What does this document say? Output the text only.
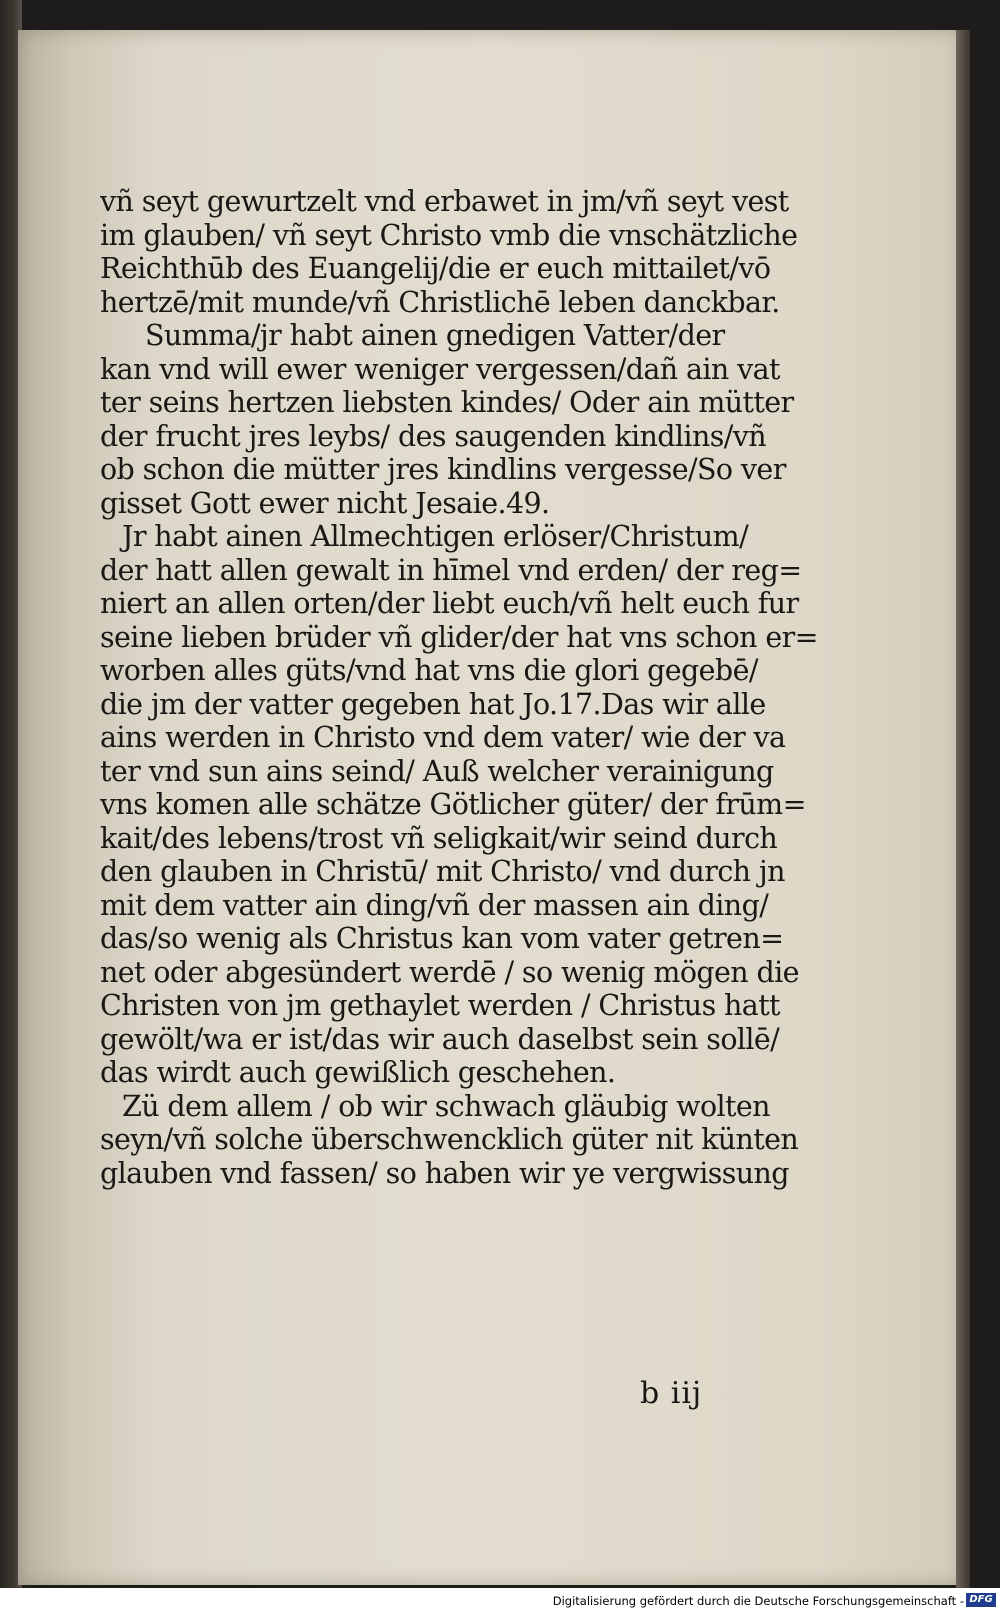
vñ seyt gewurtzelt vnd erbawet in jm/vñ seyt vest
im glauben/ vñ seyt Christo vmb die vnschätzliche
Reichthūb des Euangelij/die er euch mittailet/vō
hertzē/mit munde/vñ Christlichē leben danckbar.
Summa/jr habt ainen gnedigen Vatter/der
kan vnd will ewer weniger vergessen/dañ ain vat
ter seins hertzen liebsten kindes/ Oder ain mütter
der frucht jres leybs/ des saugenden kindlins/vñ
ob schon die mütter jres kindlins vergesse/So ver
gisset Gott ewer nicht Jesaie.49.
Jr habt ainen Allmechtigen erlöser/Christum/
der hatt allen gewalt in hīmel vnd erden/ der reg=
niert an allen orten/der liebt euch/vñ helt euch fur
seine lieben brüder vñ glider/der hat vns schon er=
worben alles güts/vnd hat vns die glori gegebē/
die jm der vatter gegeben hat Jo.17.Das wir alle
ains werden in Christo vnd dem vater/ wie der va
ter vnd sun ains seind/ Auß welcher verainigung
vns komen alle schätze Götlicher güter/ der frūm=
kait/des lebens/trost vñ seligkait/wir seind durch
den glauben in Christū/ mit Christo/ vnd durch jn
mit dem vatter ain ding/vñ der massen ain ding/
das/so wenig als Christus kan vom vater getren=
net oder abgesündert werdē / so wenig mögen die
Christen von jm gethaylet werden / Christus hatt
gewölt/wa er ist/das wir auch daselbst sein sollē/
das wirdt auch gewißlich geschehen.
Zü dem allem / ob wir schwach gläubig wolten
seyn/vñ solche überschwencklich güter nit künten
glauben vnd fassen/ so haben wir ye vergwissung
b iij
Digitalisierung gefördert durch die Deutsche Forschungsgemeinschaft - DFG
